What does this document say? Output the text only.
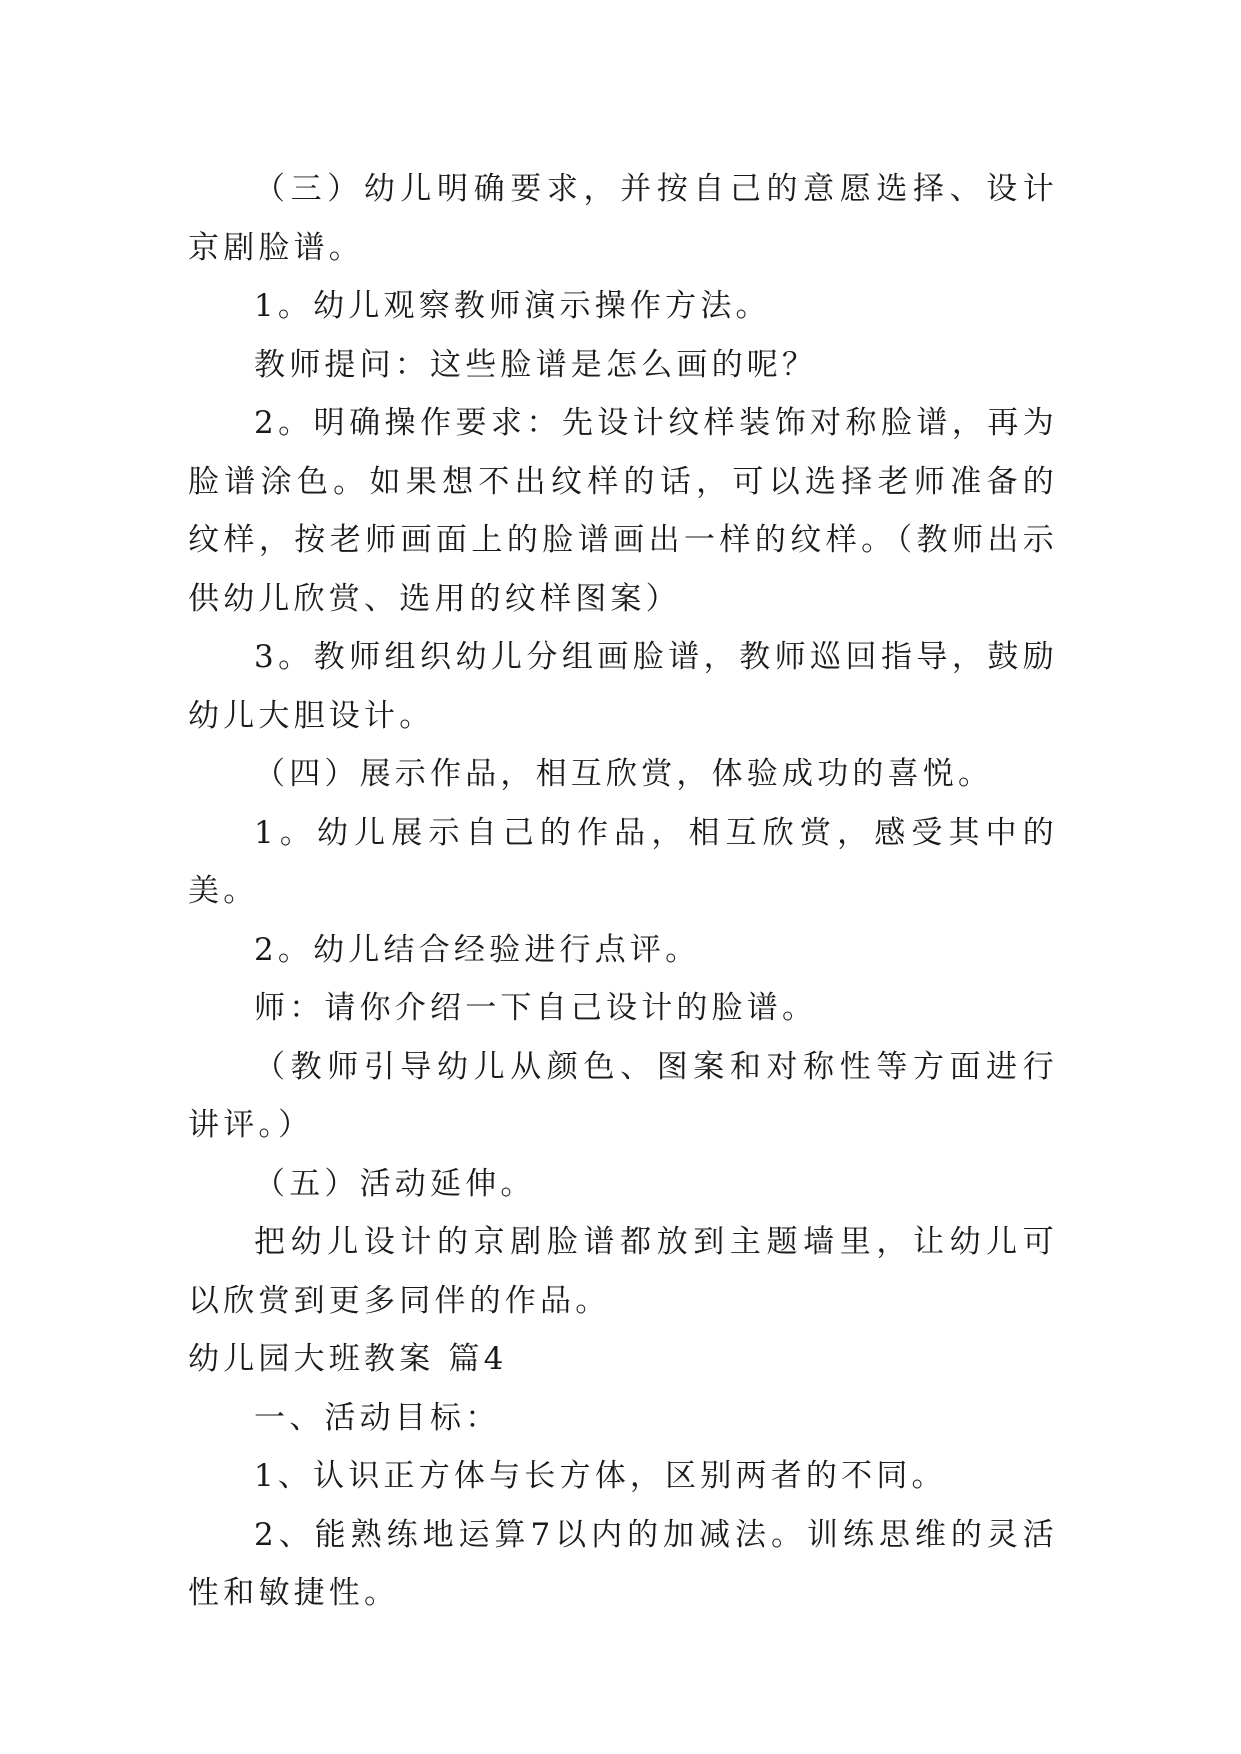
（三）幼儿明确要求，并按自己的意愿选择、设计京剧脸谱。

1。幼儿观察教师演示操作方法。

教师提问：这些脸谱是怎么画的呢？

2。明确操作要求：先设计纹样装饰对称脸谱，再为脸谱涂色。如果想不出纹样的话，可以选择老师准备的纹样，按老师画面上的脸谱画出一样的纹样。（教师出示供幼儿欣赏、选用的纹样图案）

3。教师组织幼儿分组画脸谱，教师巡回指导，鼓励幼儿大胆设计。

（四）展示作品，相互欣赏，体验成功的喜悦。

1。幼儿展示自己的作品，相互欣赏，感受其中的美。

2。幼儿结合经验进行点评。

师：请你介绍一下自己设计的脸谱。

（教师引导幼儿从颜色、图案和对称性等方面进行讲评。）

（五）活动延伸。

把幼儿设计的京剧脸谱都放到主题墙里，让幼儿可以欣赏到更多同伴的作品。

幼儿园大班教案 篇4

一、活动目标：

1、认识正方体与长方体，区别两者的不同。

2、能熟练地运算7以内的加减法。训练思维的灵活性和敏捷性。
